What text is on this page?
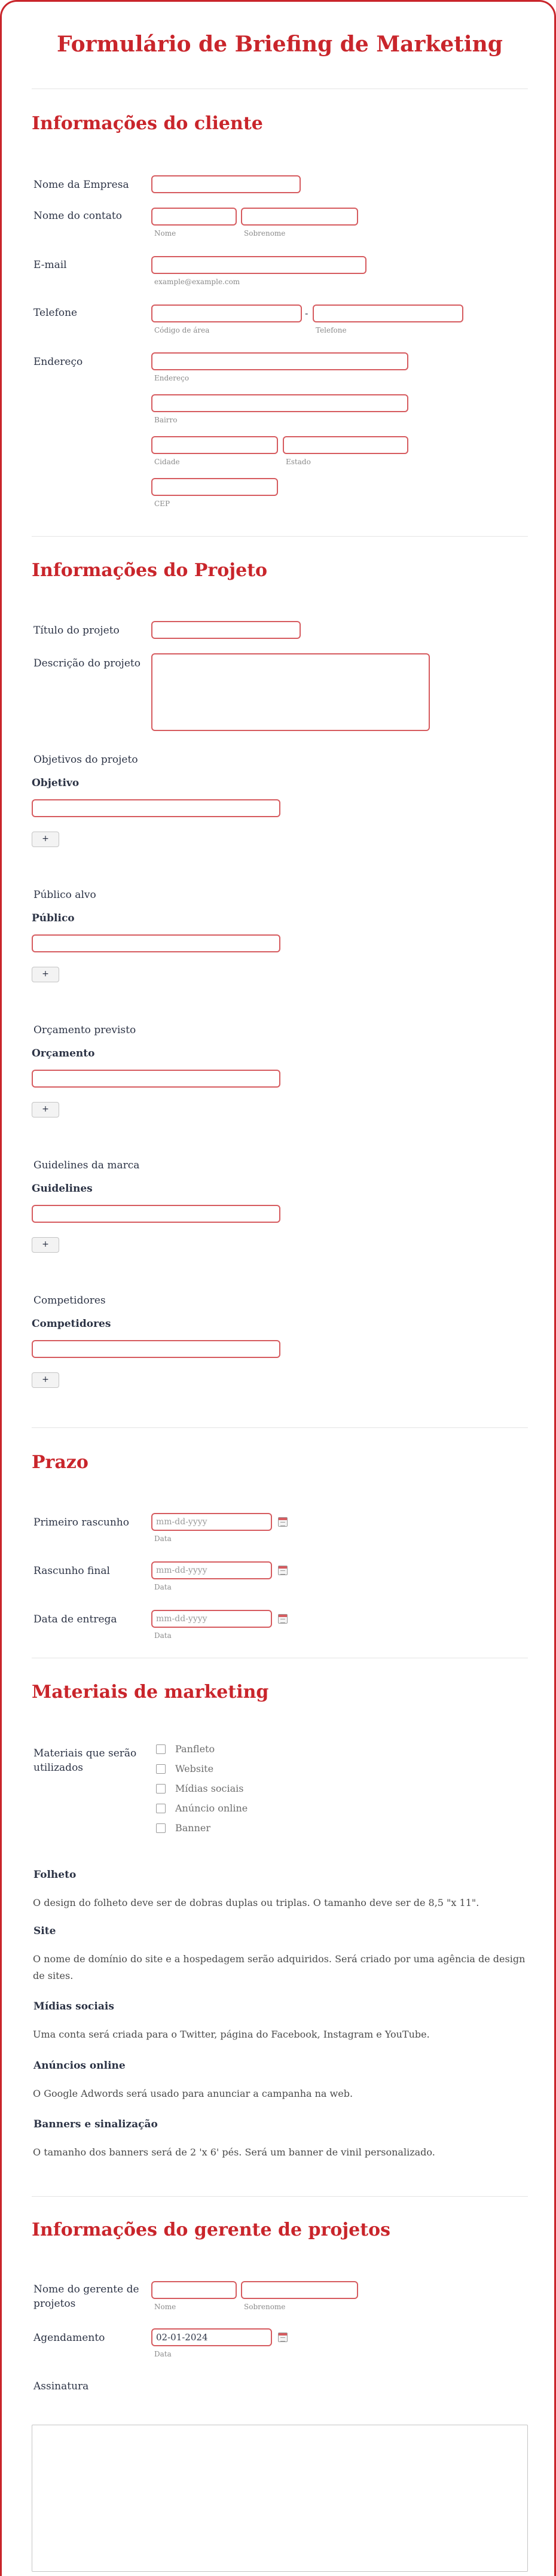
Formulário de Briefing de Marketing
Informações do cliente
Nome da Empresa
Nome do contato
Nome	Sobrenome
E-mail
example@example.com
Telefone	-
Código de área	Telefone
Endereço
Endereço
Bairro
Cidade	Estado
CEP
Informações do Projeto
Título do projeto
Descrição do projeto
Objetivos do projeto
Objetivo
+
Público alvo
Público
+
Orçamento previsto
Orçamento
+
Guidelines da marca
Guidelines
+
Competidores
Competidores
+
Prazo
Primeiro rascunho	mm-dd-yyyy
Data
Rascunho final	mm-dd-yyyy
Data
Data de entrega	mm-dd-yyyy
Data
Materiais de marketing
Materiais que serão utilizados
Panfleto
Website
Mídias sociais
Anúncio online
Banner
Folheto
O design do folheto deve ser de dobras duplas ou triplas. O tamanho deve ser de 8,5 "x 11".
Site
O nome de domínio do site e a hospedagem serão adquiridos. Será criado por uma agência de design de sites.
Mídias sociais
Uma conta será criada para o Twitter, página do Facebook, Instagram e YouTube.
Anúncios online
O Google Adwords será usado para anunciar a campanha na web.
Banners e sinalização
O tamanho dos banners será de 2 'x 6' pés. Será um banner de vinil personalizado.
Informações do gerente de projetos
Nome do gerente de projetos	Nome	Sobrenome
Agendamento	02-01-2024
Data
Assinatura
